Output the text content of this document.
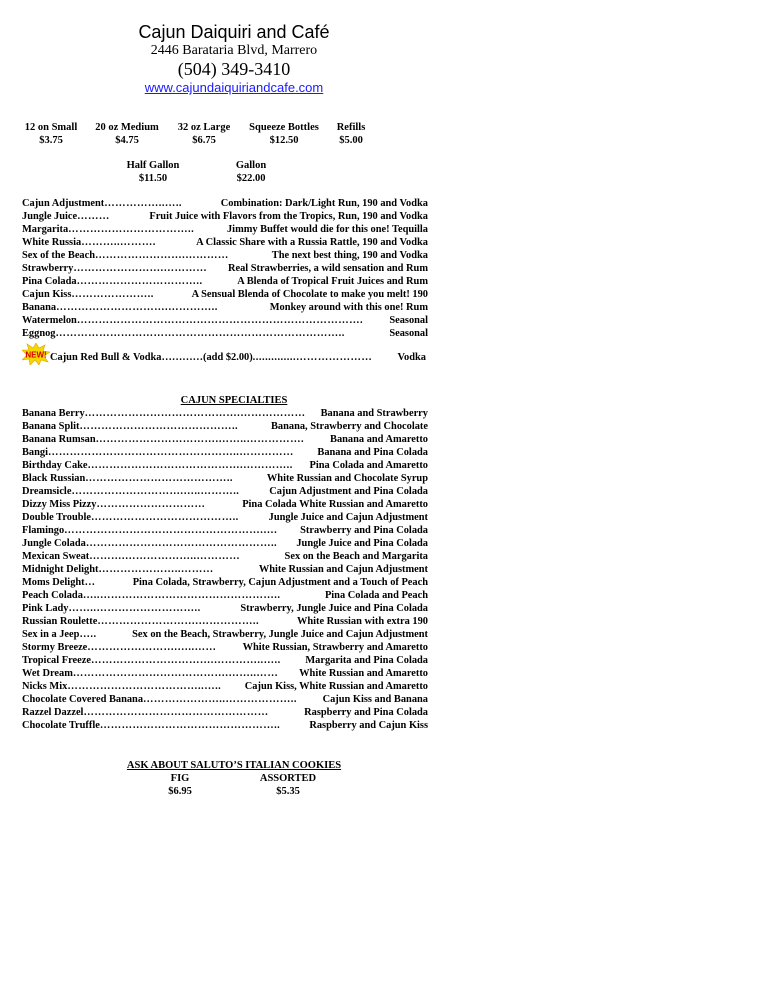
Cajun Daiquiri and Café
2446 Barataria Blvd, Marrero
(504) 349-3410
www.cajundaiquiriandcafe.com
12 on Small
$3.75
20 oz Medium
$4.75
32 oz Large
$6.75
Squeeze Bottles
$12.50
Refills
$5.00
Half Gallon
$11.50
Gallon
$22.00
Cajun Adjustment ……………..…..	Combination: Dark/Light Run, 190 and Vodka
Jungle Juice ………	Fruit Juice with Flavors from the Tropics, Run, 190 and Vodka
Margarita ……………………………..	Jimmy Buffet would die for this one! Tequilla
White Russia ………..……….	A Classic Share with a Russia Rattle, 190 and Vodka
Sex of the Beach …………………….…………	The next best thing, 190 and Vodka
Strawberry …………………….…………	Real Strawberries, a wild sensation and Rum
Pina Colada ……………………………..	A Blenda of Tropical Fruit Juices and Rum
Cajun Kiss …………………..	A Sensual Blenda of Chocolate to make you melt! 190
Banana ………………………….…………..	Monkey around with this one! Rum
Watermelon …………………………………………………………………….	Seasonal
Eggnog ……………………………………………………………………..	Seasonal
NEW! Cajun Red Bull & Vodka ………… (add $2.00) ..............…………………	Vodka
CAJUN SPECIALTIES
Banana Berry …………………………………….………………	Banana and Strawberry
Banana Split ……………………………………..	Banana, Strawberry and Chocolate
Banana Rumsan …………………………….……..…………….	Banana and Amaretto
Bangi ……………………………………………..……………	Banana and Pina Colada
Birthday Cake …………………………………….…………..	Pina Colada and Amaretto
Black Russian …………………………………..	White Russian and Chocolate Syrup
Dreamsicle ………………………….…..………..	Cajun Adjustment and Pina Colada
Dizzy Miss Pizzy …………………………	Pina Colada White Russian and Amaretto
Double Trouble …………………………………..	Jungle Juice and Cajun Adjustment
Flamingo ……………………………………………….….	Strawberry and Pina Colada
Jungle Colada ……………………………………………..	Jungle Juice and Pina Colada
Mexican Sweat ……….………………..…………	Sex on the Beach and Margarita
Midnight Delight …………………..………	White Russian and Cajun Adjustment
Moms Delight …	Pina Colada, Strawberry, Cajun Adjustment and a Touch of Peach
Peach Colada …..…………………………………………..	Pina Colada and Peach
Pink Lady ……..………………………..	Strawberry, Jungle Juice and Pina Colada
Russian Roulette ……………………….……………..	White Russian with extra 190
Sex in a Jeep …..	Sex on the Beach, Strawberry, Jungle Juice and Cajun Adjustment
Stormy Breeze …………………….…..……	White Russian, Strawberry and Amaretto
Tropical Freeze …………………………….…………..…..	Margarita and Pina Colada
Wet Dream …………………………………….……..……	White Russian and Amaretto
Nicks Mix ………………………………..…..	Cajun Kiss, White Russian and Amaretto
Chocolate Covered Banana …………………..………………..	Cajun Kiss and Banana
Razzel Dazzel ……………………………………………	Raspberry and Pina Colada
Chocolate Truffle …………………………………………..	Raspberry and Cajun Kiss
ASK ABOUT SALUTO’S ITALIAN COOKIES
FIG
$6.95
ASSORTED
$5.35
